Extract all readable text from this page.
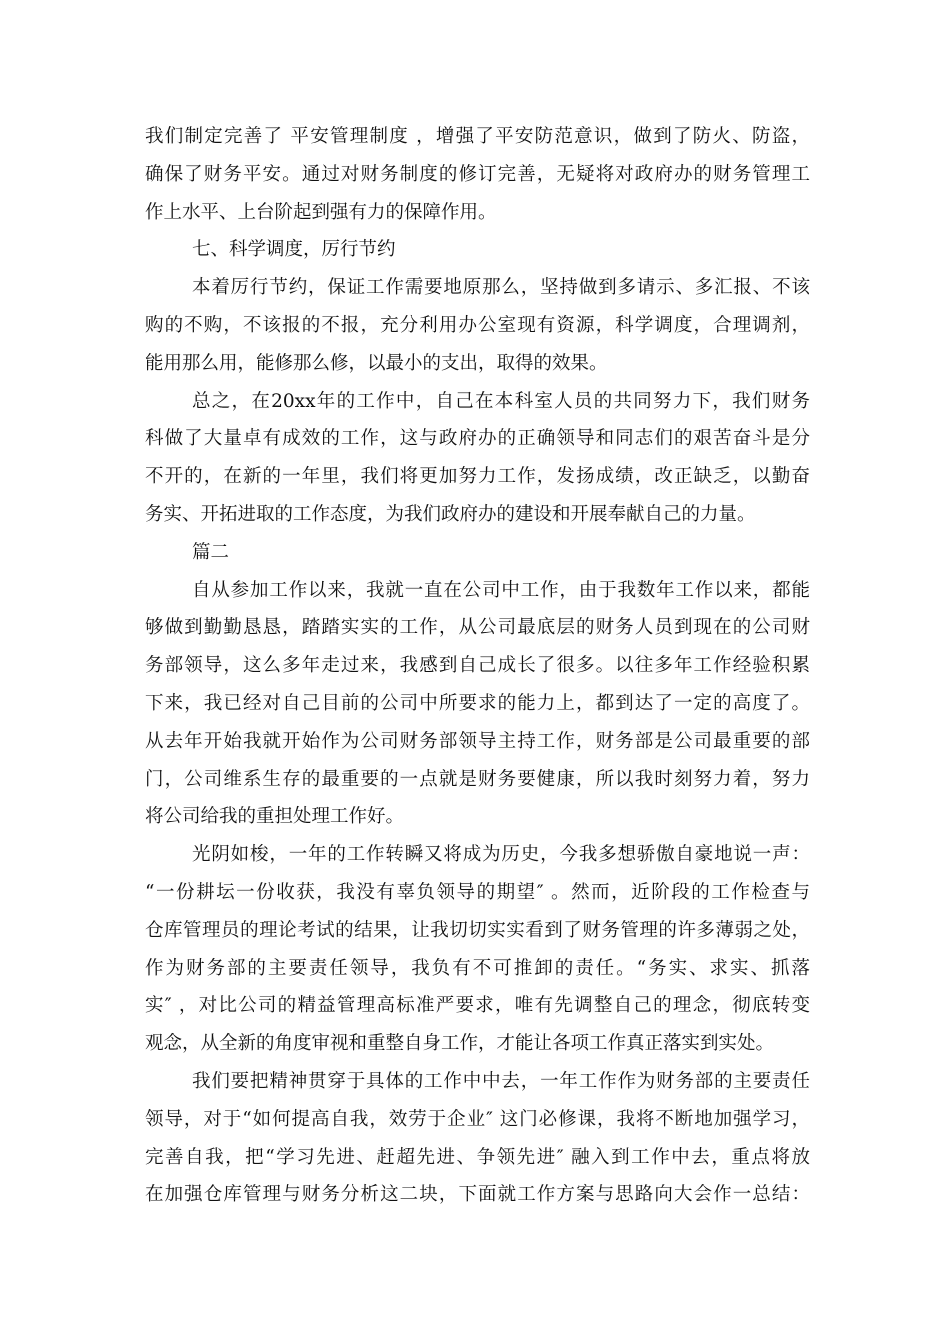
我们制定完善了 平安管理制度 ，增强了平安防范意识，做到了防火、防盗，
确保了财务平安。通过对财务制度的修订完善，无疑将对政府办的财务管理工
作上水平、上台阶起到强有力的保障作用。
七、科学调度，厉行节约
本着厉行节约，保证工作需要地原那么，坚持做到多请示、多汇报、不该
购的不购，不该报的不报，充分利用办公室现有资源，科学调度，合理调剂，
能用那么用，能修那么修，以最小的支出，取得的效果。
总之，在20xx年的工作中，自己在本科室人员的共同努力下，我们财务
科做了大量卓有成效的工作，这与政府办的正确领导和同志们的艰苦奋斗是分
不开的，在新的一年里，我们将更加努力工作，发扬成绩，改正缺乏，以勤奋
务实、开拓进取的工作态度，为我们政府办的建设和开展奉献自己的力量。
篇二
自从参加工作以来，我就一直在公司中工作，由于我数年工作以来，都能
够做到勤勤恳恳，踏踏实实的工作，从公司最底层的财务人员到现在的公司财
务部领导，这么多年走过来，我感到自己成长了很多。以往多年工作经验积累
下来，我已经对自己目前的公司中所要求的能力上，都到达了一定的高度了。
从去年开始我就开始作为公司财务部领导主持工作，财务部是公司最重要的部
门，公司维系生存的最重要的一点就是财务要健康，所以我时刻努力着，努力
将公司给我的重担处理工作好。
光阴如梭，一年的工作转瞬又将成为历史，今我多想骄傲自豪地说一声：
“一份耕坛一份收获，我没有辜负领导的期望″ 。然而，近阶段的工作检查与
仓库管理员的理论考试的结果，让我切切实实看到了财务管理的许多薄弱之处，
作为财务部的主要责任领导，我负有不可推卸的责任。“务实、求实、抓落
实″ ，对比公司的精益管理高标准严要求，唯有先调整自己的理念，彻底转变
观念，从全新的角度审视和重整自身工作，才能让各项工作真正落实到实处。
我们要把精神贯穿于具体的工作中中去，一年工作作为财务部的主要责任
领导，对于“如何提高自我，效劳于企业″ 这门必修课，我将不断地加强学习，
完善自我，把“学习先进、赶超先进、争领先进″ 融入到工作中去，重点将放
在加强仓库管理与财务分析这二块，下面就工作方案与思路向大会作一总结：
